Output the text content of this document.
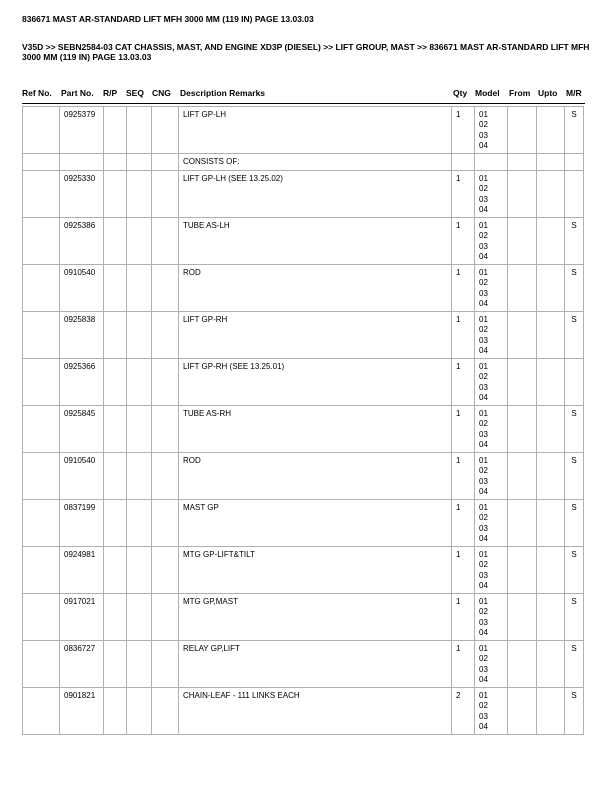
836671 MAST AR-STANDARD LIFT MFH 3000 MM (119 IN) PAGE 13.03.03
V35D >> SEBN2584-03 CAT CHASSIS, MAST, AND ENGINE XD3P (DIESEL) >> LIFT GROUP, MAST >> 836671 MAST AR-STANDARD LIFT MFH 3000 MM (119 IN) PAGE 13.03.03
Ref No. Part No. R/P SEQ CNG Description Remarks	Qty Model From Upto M/R
	0925379				LIFT GP-LH	1	01
02
03
04			S
					CONSISTS OF:					
	0925330				LIFT GP-LH (SEE 13.25.02)	1	01
02
03
04			

	0925386				TUBE AS-LH	1	01
02
03
04			S
	0910540				ROD	1	01
02
03
04			S
	0925838				LIFT GP-RH	1	01
02
03
04			S
	0925366				LIFT GP-RH (SEE 13.25.01)	1	01
02
03
04			

	0925845				TUBE AS-RH	1	01
02
03
04			S
	0910540				ROD	1	01
02
03
04			S
	0837199				MAST GP	1	01
02
03
04			S
	0924981				MTG GP-LIFT&TILT	1	01
02
03
04			S
	0917021				MTG GP,MAST	1	01
02
03
04			S
	0836727				RELAY GP,LIFT	1	01
02
03
04			S
	0901821				CHAIN-LEAF - 111 LINKS EACH	2	01
02
03
04			S
